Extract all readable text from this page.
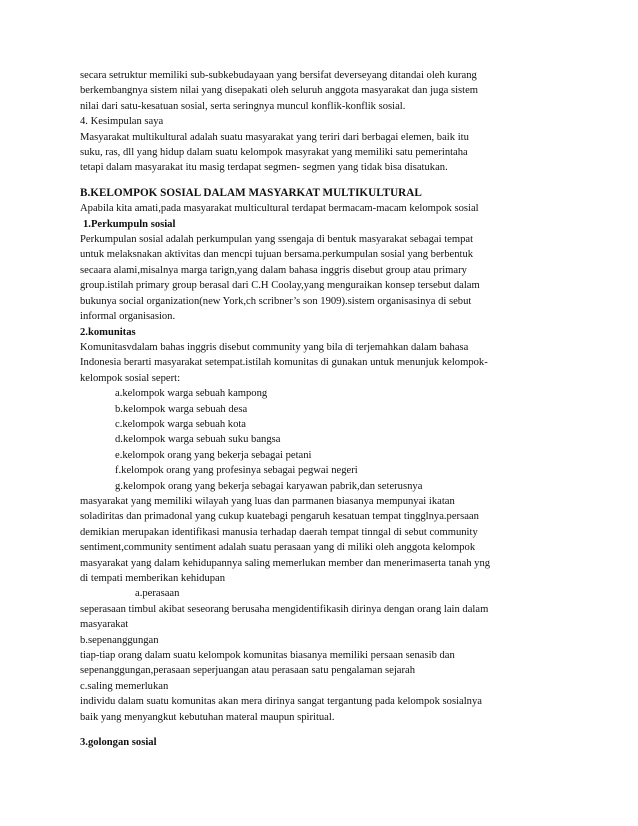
secara setruktur memiliki sub-subkebudayaan yang bersifat deverseyang ditandai oleh kurang
berkembangnya sistem nilai yang disepakati oleh seluruh anggota masyarakat dan juga sistem
nilai dari satu-kesatuan sosial, serta seringnya muncul konflik-konflik sosial.
4. Kesimpulan saya
Masyarakat multikultural adalah suatu masyarakat yang teriri dari berbagai elemen, baik itu
suku, ras, dll yang hidup dalam suatu kelompok masyrakat yang memiliki satu pemerintaha
tetapi dalam masyarakat itu masig terdapat segmen- segmen yang tidak bisa disatukan.
B.KELOMPOK SOSIAL DALAM MASYARKAT MULTIKULTURAL
Apabila kita amati,pada masyarakat multicultural terdapat bermacam-macam kelompok sosial
1.Perkumpuln sosial
Perkumpulan sosial adalah perkumpulan yang ssengaja di bentuk masyarakat sebagai tempat
untuk melaksnakan aktivitas dan mencpi tujuan bersama.perkumpulan sosial yang berbentuk
secaara alami,misalnya marga tarign,yang dalam bahasa inggris disebut group atau primary
group.istilah primary group berasal dari C.H Coolay,yang menguraikan konsep tersebut dalam
bukunya social organization(new York,ch scribner’s son 1909).sistem organisasinya di sebut
informal organisasion.
2.komunitas
Komunitasvdalam bahas inggris disebut community yang bila di terjemahkan dalam bahasa
Indonesia berarti masyarakat setempat.istilah komunitas di gunakan untuk menunjuk kelompok-
kelompok sosial sepert:
a.kelompok warga sebuah kampong
b.kelompok warga sebuah desa
c.kelompok warga sebuah kota
d.kelompok warga sebuah suku bangsa
e.kelompok orang yang bekerja sebagai petani
f.kelompok orang yang profesinya sebagai pegwai negeri
g.kelompok orang yang bekerja sebagai karyawan pabrik,dan seterusnya
masyarakat yang memiliki wilayah yang luas dan parmanen biasanya mempunyai ikatan
soladiritas dan primadonal yang cukup kuatebagi pengaruh kesatuan tempat tingglnya.persaan
demikian merupakan identifikasi manusia terhadap daerah tempat tinngal di sebut community
sentiment,community sentiment adalah suatu perasaan yang di miliki oleh anggota kelompok
masyarakat yang dalam kehidupannya saling memerlukan member dan menerimaserta tanah yng
di tempati memberikan kehidupan
a.perasaan
seperasaan timbul akibat seseorang berusaha mengidentifikasih dirinya dengan orang lain dalam
masyarakat
b.sepenanggungan
tiap-tiap orang dalam suatu kelompok komunitas biasanya memiliki persaan senasib dan
sepenanggungan,perasaan seperjuangan atau perasaan satu pengalaman sejarah
c.saling memerlukan
individu dalam suatu komunitas akan mera dirinya sangat tergantung pada kelompok sosialnya
baik yang menyangkut kebutuhan materal maupun spiritual.
3.golongan sosial
